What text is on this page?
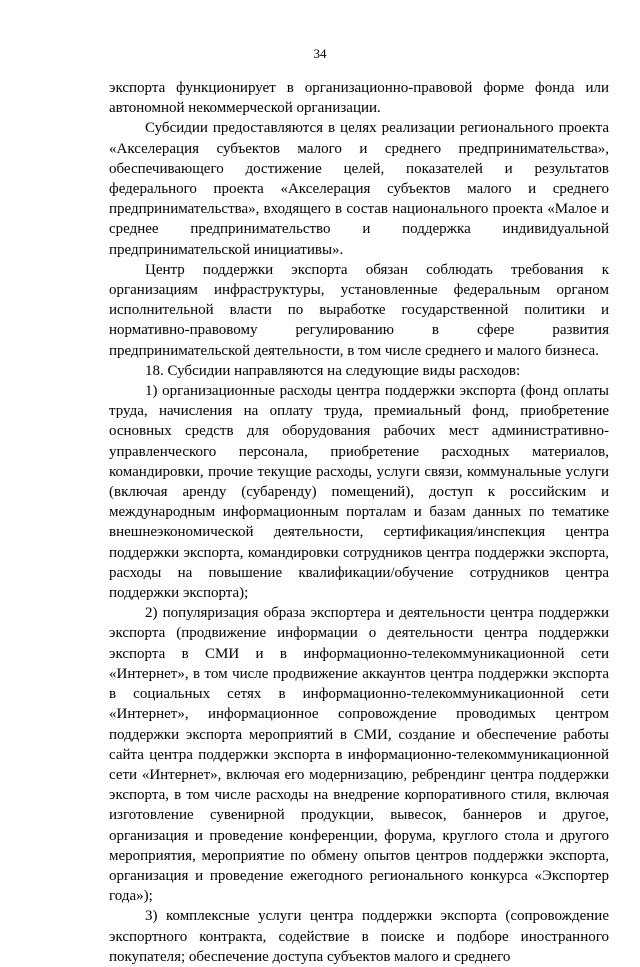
34

экспорта функционирует в организационно-правовой форме фонда или автономной некоммерческой организации.

Субсидии предоставляются в целях реализации регионального проекта «Акселерация субъектов малого и среднего предпринимательства», обеспечивающего достижение целей, показателей и результатов федерального проекта «Акселерация субъектов малого и среднего предпринимательства», входящего в состав национального проекта «Малое и среднее предпринимательство и поддержка индивидуальной предпринимательской инициативы».

Центр поддержки экспорта обязан соблюдать требования к организациям инфраструктуры, установленные федеральным органом исполнительной власти по выработке государственной политики и нормативно-правовому регулированию в сфере развития предпринимательской деятельности, в том числе среднего и малого бизнеса.

18. Субсидии направляются на следующие виды расходов:

1) организационные расходы центра поддержки экспорта (фонд оплаты труда, начисления на оплату труда, премиальный фонд, приобретение основных средств для оборудования рабочих мест административно-управленческого персонала, приобретение расходных материалов, командировки, прочие текущие расходы, услуги связи, коммунальные услуги (включая аренду (субаренду) помещений), доступ к российским и международным информационным порталам и базам данных по тематике внешнеэкономической деятельности, сертификация/инспекция центра поддержки экспорта, командировки сотрудников центра поддержки экспорта, расходы на повышение квалификации/обучение сотрудников центра поддержки экспорта);

2) популяризация образа экспортера и деятельности центра поддержки экспорта (продвижение информации о деятельности центра поддержки экспорта в СМИ и в информационно-телекоммуникационной сети «Интернет», в том числе продвижение аккаунтов центра поддержки экспорта в социальных сетях в информационно-телекоммуникационной сети «Интернет», информационное сопровождение проводимых центром поддержки экспорта мероприятий в СМИ, создание и обеспечение работы сайта центра поддержки экспорта в информационно-телекоммуникационной сети «Интернет», включая его модернизацию, ребрендинг центра поддержки экспорта, в том числе расходы на внедрение корпоративного стиля, включая изготовление сувенирной продукции, вывесок, баннеров и другое, организация и проведение конференции, форума, круглого стола и другого мероприятия, мероприятие по обмену опытов центров поддержки экспорта, организация и проведение ежегодного регионального конкурса «Экспортер года»);

3) комплексные услуги центра поддержки экспорта (сопровождение экспортного контракта, содействие в поиске и подборе иностранного покупателя; обеспечение доступа субъектов малого и среднего
